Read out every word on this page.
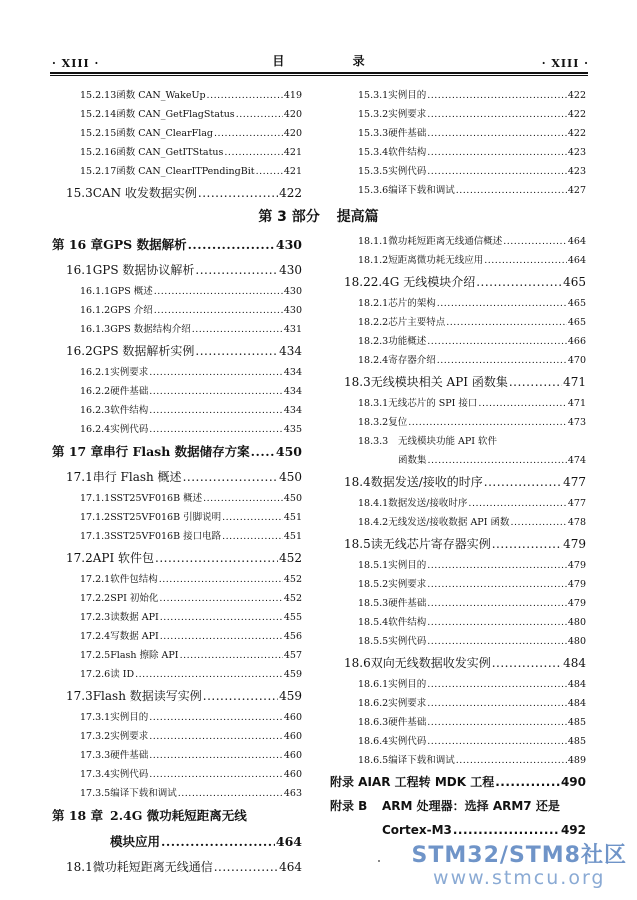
· XIII ·	目 录	· XIII ·
15.2.13 函数 CAN_WakeUp .....	419
15.2.14 函数 CAN_GetFlagStatus .....	420
15.2.15 函数 CAN_ClearFlag .....	420
15.2.16 函数 CAN_GetITStatus .....	421
15.2.17 函数 CAN_ClearITPendingBit .....	421
15.3 CAN 收发数据实例 .....	422
15.3.1 实例目的 .....	422
15.3.2 实例要求 .....	422
15.3.3 硬件基础 .....	422
15.3.4 软件结构 .....	423
15.3.5 实例代码 .....	423
15.3.6 编译下载和调试 .....	427
第 3 部分 提高篇
第 16 章 GPS 数据解析 .....	430
16.1 GPS 数据协议解析 .....	430
16.1.1 GPS 概述 .....	430
16.1.2 GPS 介绍 .....	430
16.1.3 GPS 数据结构介绍 .....	431
16.2 GPS 数据解析实例 .....	434
16.2.1 实例要求 .....	434
16.2.2 硬件基础 .....	434
16.2.3 软件结构 .....	434
16.2.4 实例代码 .....	435
第 17 章 串行 Flash 数据储存方案 ..... 450
17.1 串行 Flash 概述 .....	450
17.1.1 SST25VF016B 概述 .....	450
17.1.2 SST25VF016B 引脚说明 .....	451
17.1.3 SST25VF016B 接口电路 .....	451
17.2 API 软件包 .....	452
17.2.1 软件包结构 .....	452
17.2.2 SPI 初始化 .....	452
17.2.3 读数据 API .....	455
17.2.4 写数据 API .....	456
17.2.5 Flash 擦除 API .....	457
17.2.6 读 ID .....	459
17.3 Flash 数据读写实例 .....	459
17.3.1 实例目的 .....	460
17.3.2 实例要求 .....	460
17.3.3 硬件基础 .....	460
17.3.4 实例代码 .....	460
17.3.5 编译下载和调试 .....	463
第 18 章 2.4G 微功耗短距离无线
模块应用 .....	464
18.1 微功耗短距离无线通信 .....	464
18.1.1 微功耗短距离无线通信概述 .....	464
18.1.2 短距离微功耗无线应用 .....	464
18.2 2.4G 无线模块介绍 .....	465
18.2.1 芯片的架构 .....	465
18.2.2 芯片主要特点 .....	465
18.2.3 功能概述 .....	466
18.2.4 寄存器介绍 .....	470
18.3 无线模块相关 API 函数集 .....	471
18.3.1 无线芯片的 SPI 接口 .....	471
18.3.2 复位 .....	473
18.3.3	无线模块功能 API 软件
函数集 .....	474
18.4 数据发送/接收的时序 .....	477
18.4.1 数据发送/接收时序 .....	477
18.4.2 无线发送/接收数据 API 函数 .....	478
18.5 读无线芯片寄存器实例 .....	479
18.5.1 实例目的 .....	479
18.5.2 实例要求 .....	479
18.5.3 硬件基础 .....	479
18.5.4 软件结构 .....	480
18.5.5 实例代码 .....	480
18.6 双向无线数据收发实例 .....	484
18.6.1 实例目的 .....	484
18.6.2 实例要求 .....	484
18.6.3 硬件基础 .....	485
18.6.4 实例代码 .....	485
18.6.5 编译下载和调试 .....	489
附录 A IAR 工程转 MDK 工程 .....	490
附录 B	ARM 处理器：选择 ARM7 还是
Cortex-M3 .....	492
STM32/STM8社区
www.stmcu.org
